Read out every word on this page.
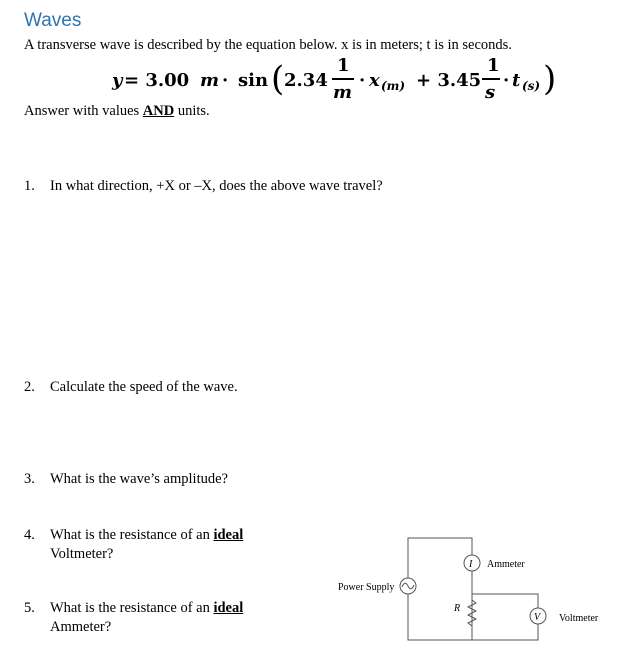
Waves
A transverse wave is described by the equation below. x is in meters; t is in seconds.
y = 3.00 m · sin ( 2.34
1
m
· x (m) + 3.45
1
s
· t (s) )
Answer with values AND units.
1.	In what direction, +X or –X, does the above wave travel?
2.	Calculate the speed of the wave.
3.	What is the wave’s amplitude?
4.	What is the resistance of an ideal
Voltmeter?
5.	What is the resistance of an ideal
Ammeter?
Power Supply
I Ammeter
R
V Voltmeter
